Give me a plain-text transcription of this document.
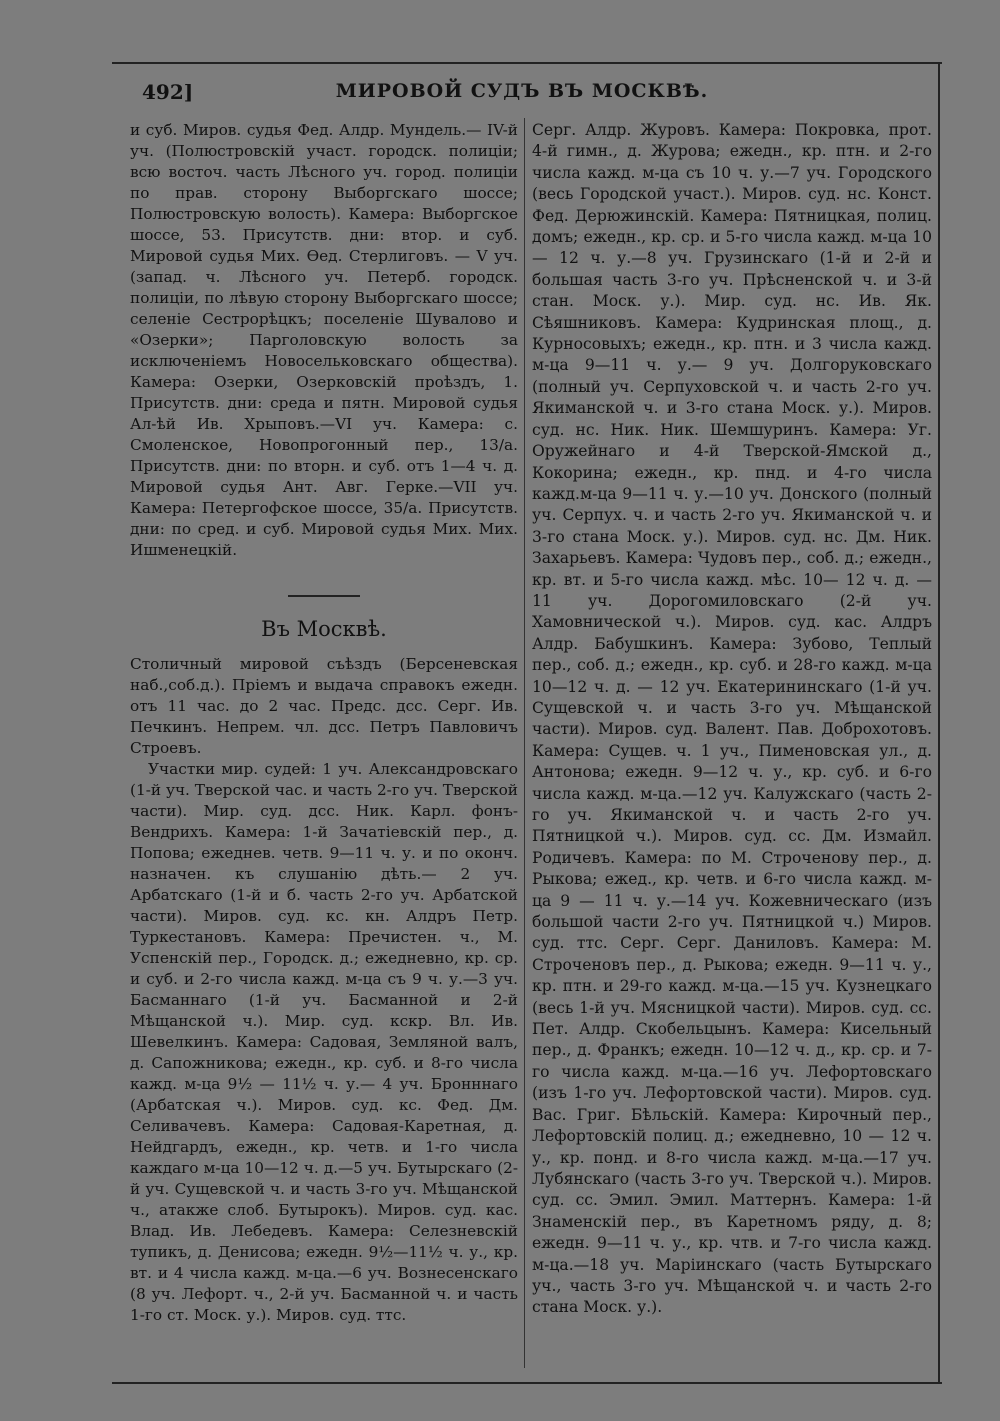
МИРОВОЙ СУДЪ ВЪ МОСКВѢ.
492]

и суб. Миров. судья Фед. Алдр. Мундель.— IV-й уч. (Полюстровскій участ. городск. полиціи; всю восточ. часть Лѣсного уч. город. полиціи по прав. сторону Выборгскаго шоссе; Полюстровскую волость). Камера: Выборгское шоссе, 53. Присутств. дни: втор. и суб. Мировой судья Мих. Ѳед. Стерлиговъ. — V уч. (запад. ч. Лѣсного уч. Петерб. городск. полиціи, по лѣвую сторону Выборгскаго шоссе; селеніе Сестрорѣцкъ; поселеніе Шувалово и «Озерки»; Парголовскую волость за исключеніемъ Новосельковскаго общества). Камера: Озерки, Озерковскій проѣздъ, 1. Присутств. дни: среда и пятн. Мировой судья Ал-ѣй Ив. Хрыповъ.—VI уч. Камера: с. Смоленское, Новопрогонный пер., 13/а. Присутств. дни: по вторн. и суб. отъ 1—4 ч. д. Мировой судья Ант. Авг. Герке.—VII уч. Камера: Петергофское шоссе, 35/а. Присутств. дни: по сред. и суб. Мировой судья Мих. Мих. Ишменецкій.

Въ Москвѣ.

Столичный мировой съѣздъ (Берсеневская наб.,соб.д.). Пріемъ и выдача справокъ ежедн. отъ 11 час. до 2 час. Предс. дсс. Серг. Ив. Печкинъ. Непрем. чл. дсс. Петръ Павловичъ Строевъ.

Участки мир. судей: 1 уч. Александровскаго (1-й уч. Тверской час. и часть 2-го уч. Тверской части). Мир. суд. дсс. Ник. Карл. фонъ-Вендрихъ. Камера: 1-й Зачатіевскій пер., д. Попова; ежеднев. четв. 9—11 ч. у. и по оконч. назначен. къ слушанію дѣть.— 2 уч. Арбатскаго (1-й и б. часть 2-го уч. Арбатской части). Миров. суд. кс. кн. Алдръ Петр. Туркестановъ. Камера: Пречистен. ч., М. Успенскій пер., Городск. д.; ежедневно, кр. ср. и суб. и 2-го числа кажд. м-ца съ 9 ч. у.—3 уч. Басманнаго (1-й уч. Басманной и 2-й Мѣщанской ч.). Мир. суд. кскр. Вл. Ив. Шевелкинъ. Камера: Садовая, Земляной валъ, д. Сапожникова; ежедн., кр. суб. и 8-го числа кажд. м-ца 9½ — 11½ ч. у.— 4 уч. Бронннаго (Арбатская ч.). Миров. суд. кс. Фед. Дм. Селивачевъ. Камера: Садовая-Каретная, д. Нейдгардъ, ежедн., кр. четв. и 1-го числа каждаго м-ца 10—12 ч. д.—5 уч. Бутырскаго (2-й уч. Сущевской ч. и часть 3-го уч. Мѣщанской ч., атакже слоб. Бутырокъ). Миров. суд. кас. Влад. Ив. Лебедевъ. Камера: Селезневскій тупикъ, д. Денисова; ежедн. 9½—11½ ч. у., кр. вт. и 4 числа кажд. м-ца.—6 уч. Вознесенскаго (8 уч. Лефорт. ч., 2-й уч. Басманной ч. и часть 1-го ст. Моск. у.). Миров. суд. ттс.

Серг. Алдр. Журовъ. Камера: Покровка, прот. 4-й гимн., д. Журова; ежедн., кр. птн. и 2-го числа кажд. м-ца съ 10 ч. у.—7 уч. Городского (весь Городской участ.). Миров. суд. нс. Конст. Фед. Дерюжинскій. Камера: Пятницкая, полиц. домъ; ежедн., кр. ср. и 5-го числа кажд. м-ца 10 — 12 ч. у.—8 уч. Грузинскаго (1-й и 2-й и большая часть 3-го уч. Прѣсненской ч. и 3-й стан. Моск. у.). Мир. суд. нс. Ив. Як. Сѣяшниковъ. Камера: Кудринская площ., д. Курносовыхъ; ежедн., кр. птн. и 3 числа кажд. м-ца 9—11 ч. у.— 9 уч. Долгоруковскаго (полный уч. Серпуховской ч. и часть 2-го уч. Якиманской ч. и 3-го стана Моск. у.). Миров. суд. нс. Ник. Ник. Шемшуринъ. Камера: Уг. Оружейнаго и 4-й Тверской-Ямской д., Кокорина; ежедн., кр. пнд. и 4-го числа кажд.м-ца 9—11 ч. у.—10 уч. Донского (полный уч. Серпух. ч. и часть 2-го уч. Якиманской ч. и 3-го стана Моск. у.). Миров. суд. нс. Дм. Ник. Захарьевъ. Камера: Чудовъ пер., соб. д.; ежедн., кр. вт. и 5-го числа кажд. мѣс. 10— 12 ч. д. — 11 уч. Дорогомиловскаго (2-й уч. Хамовнической ч.). Миров. суд. кас. Алдръ Алдр. Бабушкинъ. Камера: Зубово, Теплый пер., соб. д.; ежедн., кр. суб. и 28-го кажд. м-ца 10—12 ч. д. — 12 уч. Екатерининскаго (1-й уч. Сущевской ч. и часть 3-го уч. Мѣщанской части). Миров. суд. Валент. Пав. Доброхотовъ. Камера: Сущев. ч. 1 уч., Пименовская ул., д. Антонова; ежедн. 9—12 ч. у., кр. суб. и 6-го числа кажд. м-ца.—12 уч. Калужскаго (часть 2-го уч. Якиманской ч. и часть 2-го уч. Пятницкой ч.). Миров. суд. сс. Дм. Измайл. Родичевъ. Камера: по М. Строченову пер., д. Рыкова; ежед., кр. четв. и 6-го числа кажд. м-ца 9 — 11 ч. у.—14 уч. Кожевническаго (изъ большой части 2-го уч. Пятницкой ч.) Миров. суд. ттс. Серг. Серг. Даниловъ. Камера: М. Строченовъ пер., д. Рыкова; ежедн. 9—11 ч. у., кр. птн. и 29-го кажд. м-ца.—15 уч. Кузнецкаго (весь 1-й уч. Мясницкой части). Миров. суд. сс. Пет. Алдр. Скобельцынъ. Камера: Кисельный пер., д. Франкъ; ежедн. 10—12 ч. д., кр. ср. и 7-го числа кажд. м-ца.—16 уч. Лефортовскаго (изъ 1-го уч. Лефортовской части). Миров. суд. Вас. Григ. Бѣльскій. Камера: Кирочный пер., Лефортовскій полиц. д.; ежедневно, 10 — 12 ч. у., кр. понд. и 8-го числа кажд. м-ца.—17 уч. Лубянскаго (часть 3-го уч. Тверской ч.). Миров. суд. сс. Эмил. Эмил. Маттернъ. Камера: 1-й Знаменскій пер., въ Каретномъ ряду, д. 8; ежедн. 9—11 ч. у., кр. чтв. и 7-го числа кажд. м-ца.—18 уч. Маріинскаго (часть Бутырскаго уч., часть 3-го уч. Мѣщанской ч. и часть 2-го стана Моск. у.).
